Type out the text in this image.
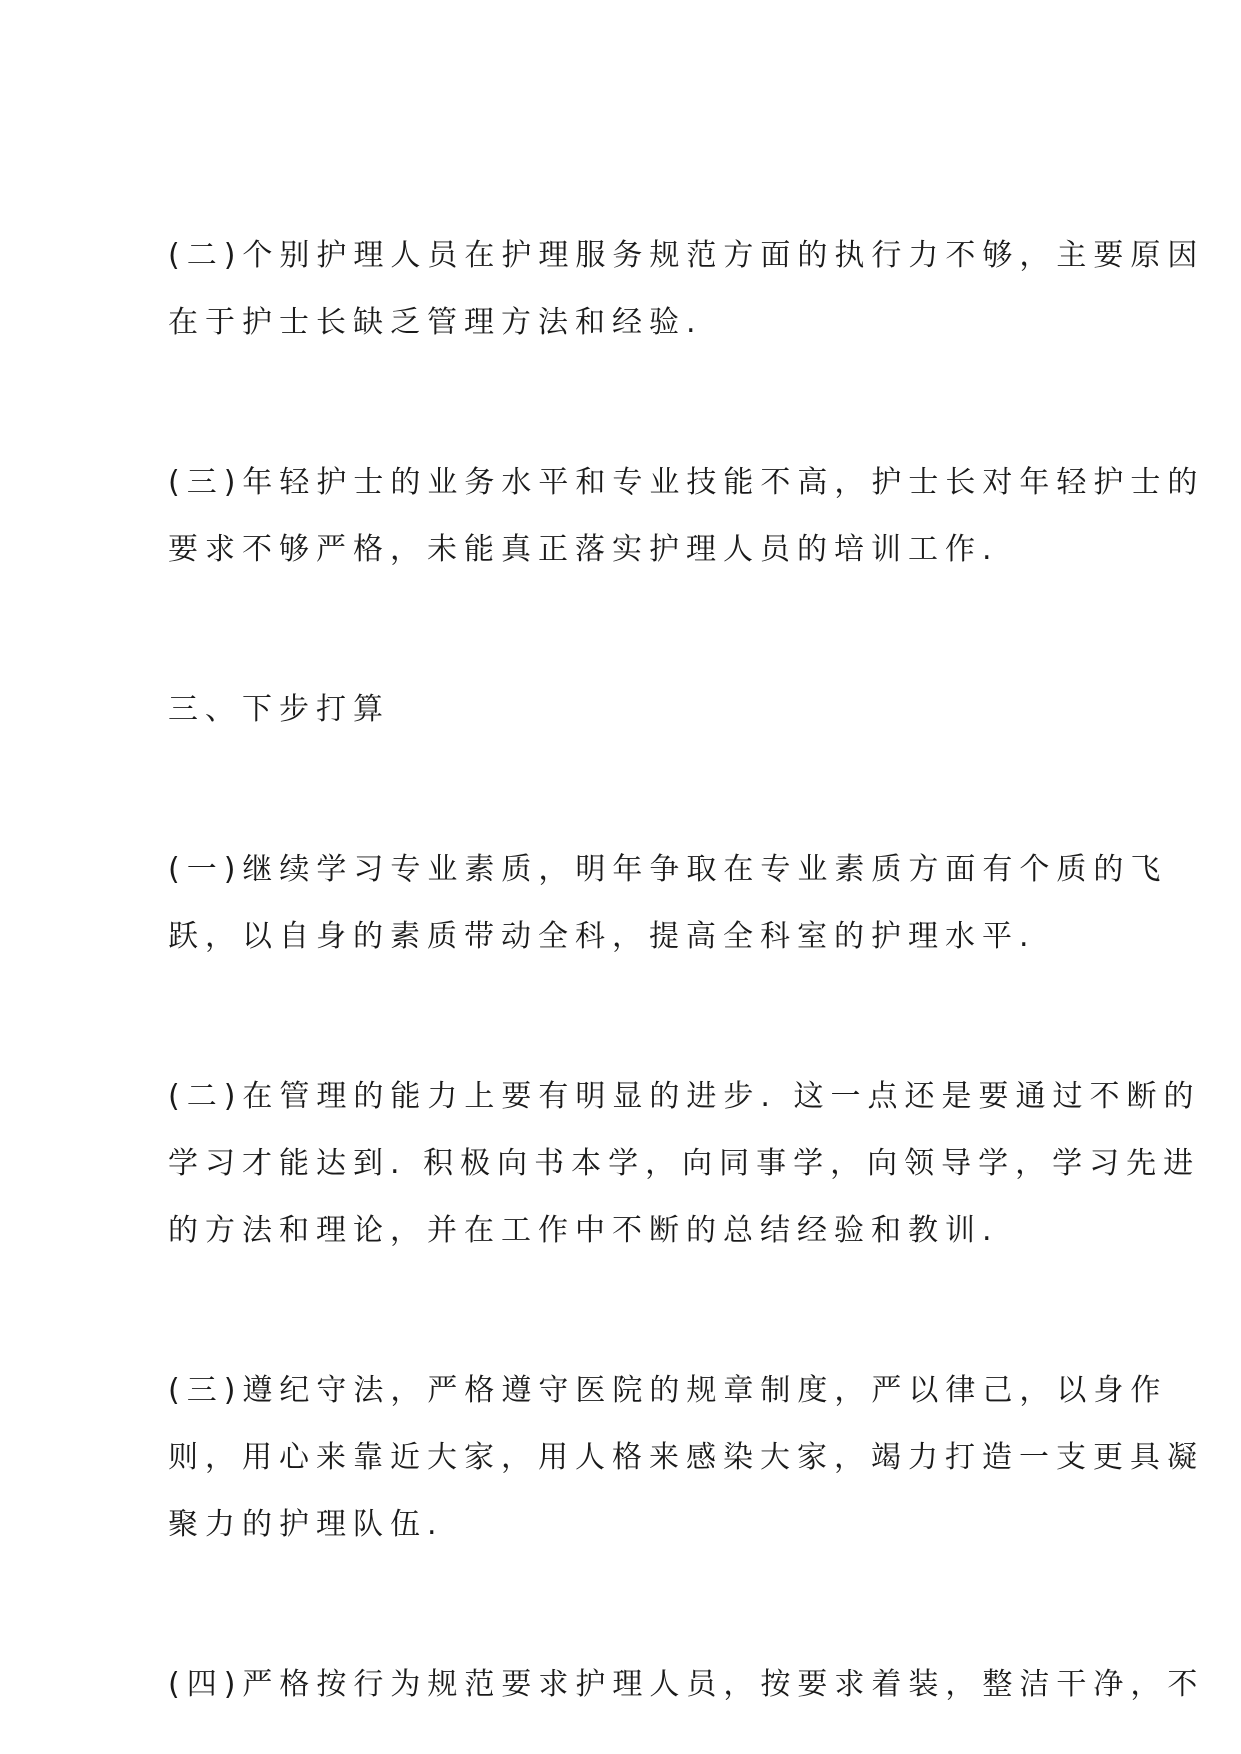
(二)个别护理人员在护理服务规范方面的执行力不够，主要原因
在于护士长缺乏管理方法和经验.

(三)年轻护士的业务水平和专业技能不高，护士长对年轻护士的
要求不够严格，未能真正落实护理人员的培训工作.

三、下步打算

(一)继续学习专业素质，明年争取在专业素质方面有个质的飞
跃，以自身的素质带动全科，提高全科室的护理水平.

(二)在管理的能力上要有明显的进步. 这一点还是要通过不断的
学习才能达到. 积极向书本学，向同事学，向领导学，学习先进
的方法和理论，并在工作中不断的总结经验和教训.

(三)遵纪守法，严格遵守医院的规章制度，严以律己，以身作
则，用心来靠近大家，用人格来感染大家，竭力打造一支更具凝
聚力的护理队伍.

(四)严格按行为规范要求护理人员，按要求着装，整洁干净，不
